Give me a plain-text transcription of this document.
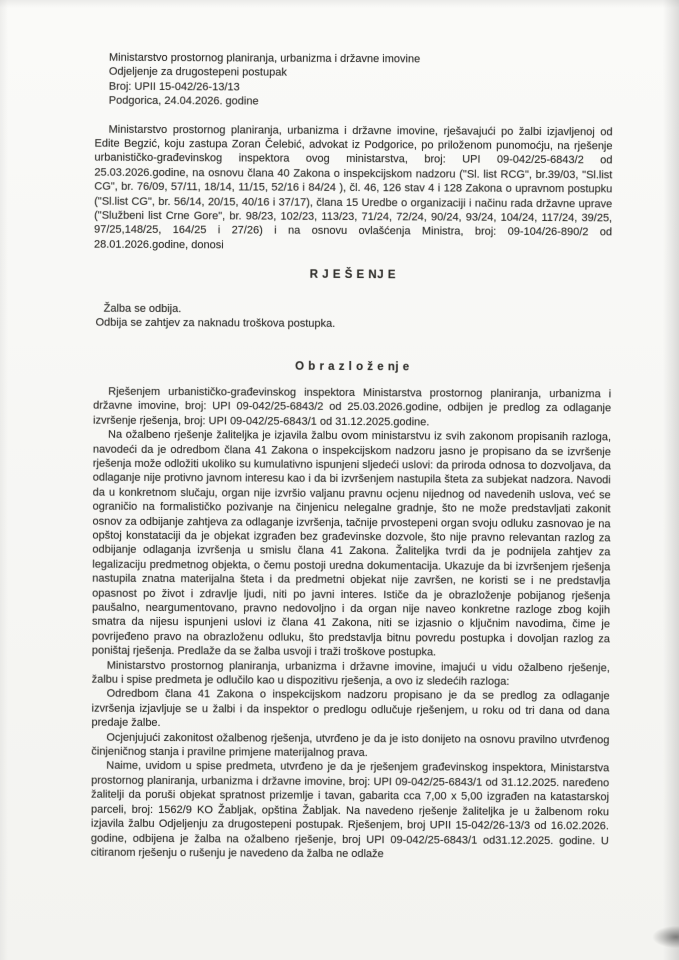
Ministarstvo prostornog planiranja, urbanizma i državne imovine
Odjeljenje za drugostepeni postupak
Broj: UPII 15-042/26-13/13
Podgorica, 24.04.2026. godine

Ministarstvo prostornog planiranja, urbanizma i državne imovine, rješavajući po žalbi izjavljenoj od Edite Begzić, koju zastupa Zoran Čelebić, advokat iz Podgorice, po priloženom punomoćju, na rješenje urbanističko-građevinskog inspektora ovog ministarstva, broj: UPI 09-042/25-6843/2 od 25.03.2026.godine, na osnovu člana 40 Zakona o inspekcijskom nadzoru ("Sl. list RCG", br.39/03, "Sl.list CG", br. 76/09, 57/11, 18/14, 11/15, 52/16 i 84/24 ), čl. 46, 126 stav 4 i 128 Zakona o upravnom postupku ("Sl.list CG", br. 56/14, 20/15, 40/16 i 37/17), člana 15 Uredbe o organizaciji i načinu rada državne uprave ("Službeni list Crne Gore", br. 98/23, 102/23, 113/23, 71/24, 72/24, 90/24, 93/24, 104/24, 117/24, 39/25, 97/25,148/25, 164/25 i 27/26) i na osnovu ovlašćenja Ministra, broj: 09-104/26-890/2 od 28.01.2026.godine, donosi

R J E Š E NJ E

Žalba se odbija.

Odbija se zahtjev za naknadu troškova postupka.

O b r a z l o ž e nj e

Rješenjem urbanističko-građevinskog inspektora Ministarstva prostornog planiranja, urbanizma i državne imovine, broj: UPI 09-042/25-6843/2 od 25.03.2026.godine, odbijen je predlog za odlaganje izvršenje rješenja, broj: UPI 09-042/25-6843/1 od 31.12.2025.godine.

Na ožalbeno rješenje žaliteljka je izjavila žalbu ovom ministarstvu iz svih zakonom propisanih razloga, navodeći da je odredbom člana 41 Zakona o inspekcijskom nadzoru jasno je propisano da se izvršenje rješenja može odložiti ukoliko su kumulativno ispunjeni sljedeći uslovi: da priroda odnosa to dozvoljava, da odlaganje nije protivno javnom interesu kao i da bi izvršenjem nastupila šteta za subjekat nadzora. Navodi da u konkretnom slučaju, organ nije izvršio valjanu pravnu ocjenu nijednog od navedenih uslova, već se ograničio na formalističko pozivanje na činjenicu nelegalne gradnje, što ne može predstavljati zakonit osnov za odbijanje zahtjeva za odlaganje izvršenja, tačnije prvostepeni organ svoju odluku zasnovao je na opštoj konstataciji da je objekat izgrađen bez građevinske dozvole, što nije pravno relevantan razlog za odbijanje odlaganja izvršenja u smislu člana 41 Zakona. Žaliteljka tvrdi da je podnijela zahtjev za legalizaciju predmetnog objekta, o čemu postoji uredna dokumentacija. Ukazuje da bi izvršenjem rješenja nastupila znatna materijalna šteta i da predmetni objekat nije završen, ne koristi se i ne predstavlja opasnost po život i zdravlje ljudi, niti po javni interes. Ističe da je obrazloženje pobijanog rješenja paušalno, neargumentovano, pravno nedovoljno i da organ nije naveo konkretne razloge zbog kojih smatra da nijesu ispunjeni uslovi iz člana 41 Zakona, niti se izjasnio o ključnim navodima, čime je povrijeđeno pravo na obrazloženu odluku, što predstavlja bitnu povredu postupka i dovoljan razlog za poništaj rješenja. Predlaže da se žalba usvoji i traži troškove postupka.

Ministarstvo prostornog planiranja, urbanizma i državne imovine, imajući u vidu ožalbeno rješenje, žalbu i spise predmeta je odlučilo kao u dispozitivu rješenja, a ovo iz sledećih razloga:

Odredbom člana 41 Zakona o inspekcijskom nadzoru propisano je da se predlog za odlaganje izvršenja izjavljuje se u žalbi i da inspektor o predlogu odlučuje rješenjem, u roku od tri dana od dana predaje žalbe.

Ocjenjujući zakonitost ožalbenog rješenja, utvrđeno je da je isto donijeto na osnovu pravilno utvrđenog činjeničnog stanja i pravilne primjene materijalnog prava.

Naime, uvidom u spise predmeta, utvrđeno je da je rješenjem građevinskog inspektora, Ministarstva prostornog planiranja, urbanizma i državne imovine, broj: UPI 09-042/25-6843/1 od 31.12.2025. naređeno žalitelji da poruši objekat spratnost prizemlje i tavan, gabarita cca 7,00 x 5,00 izgrađen na katastarskoj parceli, broj: 1562/9 KO Žabljak, opština Žabljak. Na navedeno rješenje žaliteljka je u žalbenom roku izjavila žalbu Odjeljenju za drugostepeni postupak. Rješenjem, broj UPII 15-042/26-13/3 od 16.02.2026. godine, odbijena je žalba na ožalbeno rješenje, broj UPI 09-042/25-6843/1 od31.12.2025. godine. U citiranom rješenju o rušenju je navedeno da žalba ne odlaže
